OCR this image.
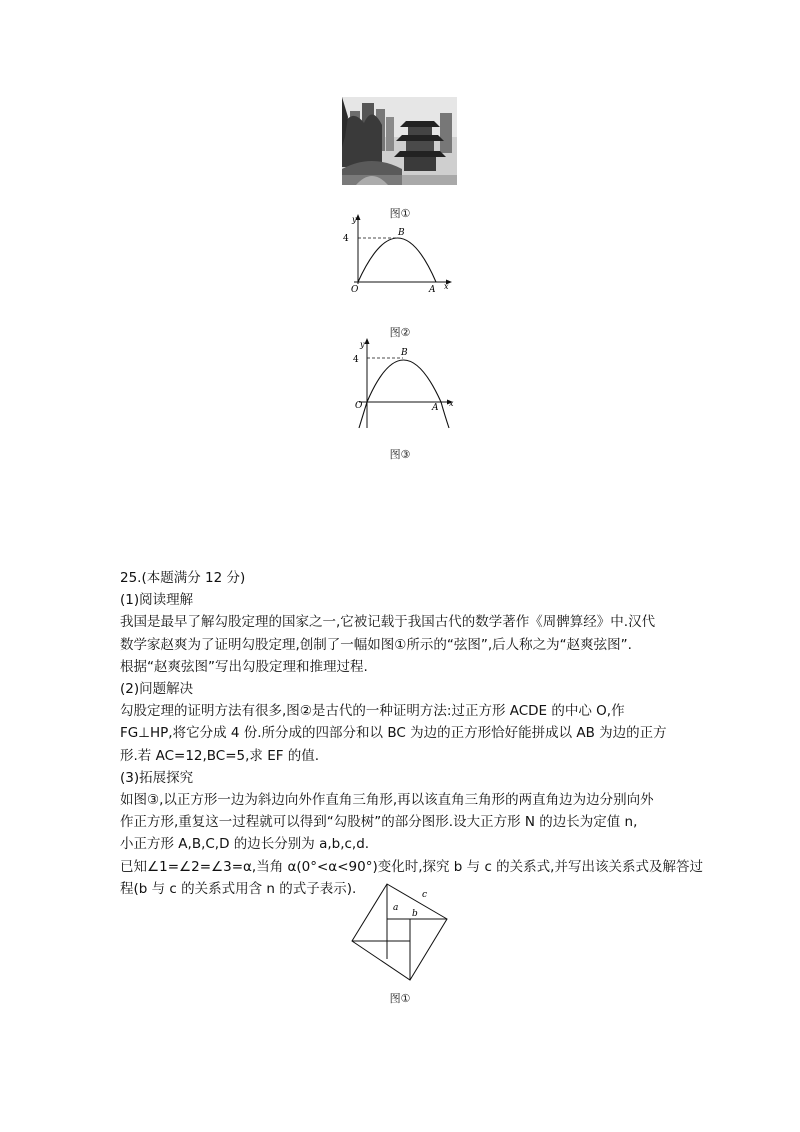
图①
y
4
B
O	A x
图②
y
4
B
O	A x
图③
25.(本题满分 12 分)
(1)阅读理解
我国是最早了解勾股定理的国家之一,它被记载于我国古代的数学著作《周髀算经》中.汉代
数学家赵爽为了证明勾股定理,创制了一幅如图①所示的“弦图”,后人称之为“赵爽弦图”.
根据“赵爽弦图”写出勾股定理和推理过程.
(2)问题解决
勾股定理的证明方法有很多,图②是古代的一种证明方法:过正方形 ACDE 的中心 O,作
FG⊥HP,将它分成 4 份.所分成的四部分和以 BC 为边的正方形恰好能拼成以 AB 为边的正方
形.若 AC=12,BC=5,求 EF 的值.
(3)拓展探究
如图③,以正方形一边为斜边向外作直角三角形,再以该直角三角形的两直角边为边分别向外
作正方形,重复这一过程就可以得到“勾股树”的部分图形.设大正方形 N 的边长为定值 n,
小正方形 A,B,C,D 的边长分别为 a,b,c,d.
已知∠1=∠2=∠3=α,当角 α(0°<α<90°)变化时,探究 b 与 c 的关系式,并写出该关系式及解答过
程(b 与 c 的关系式用含 n 的式子表示).	c
a
b
图①
